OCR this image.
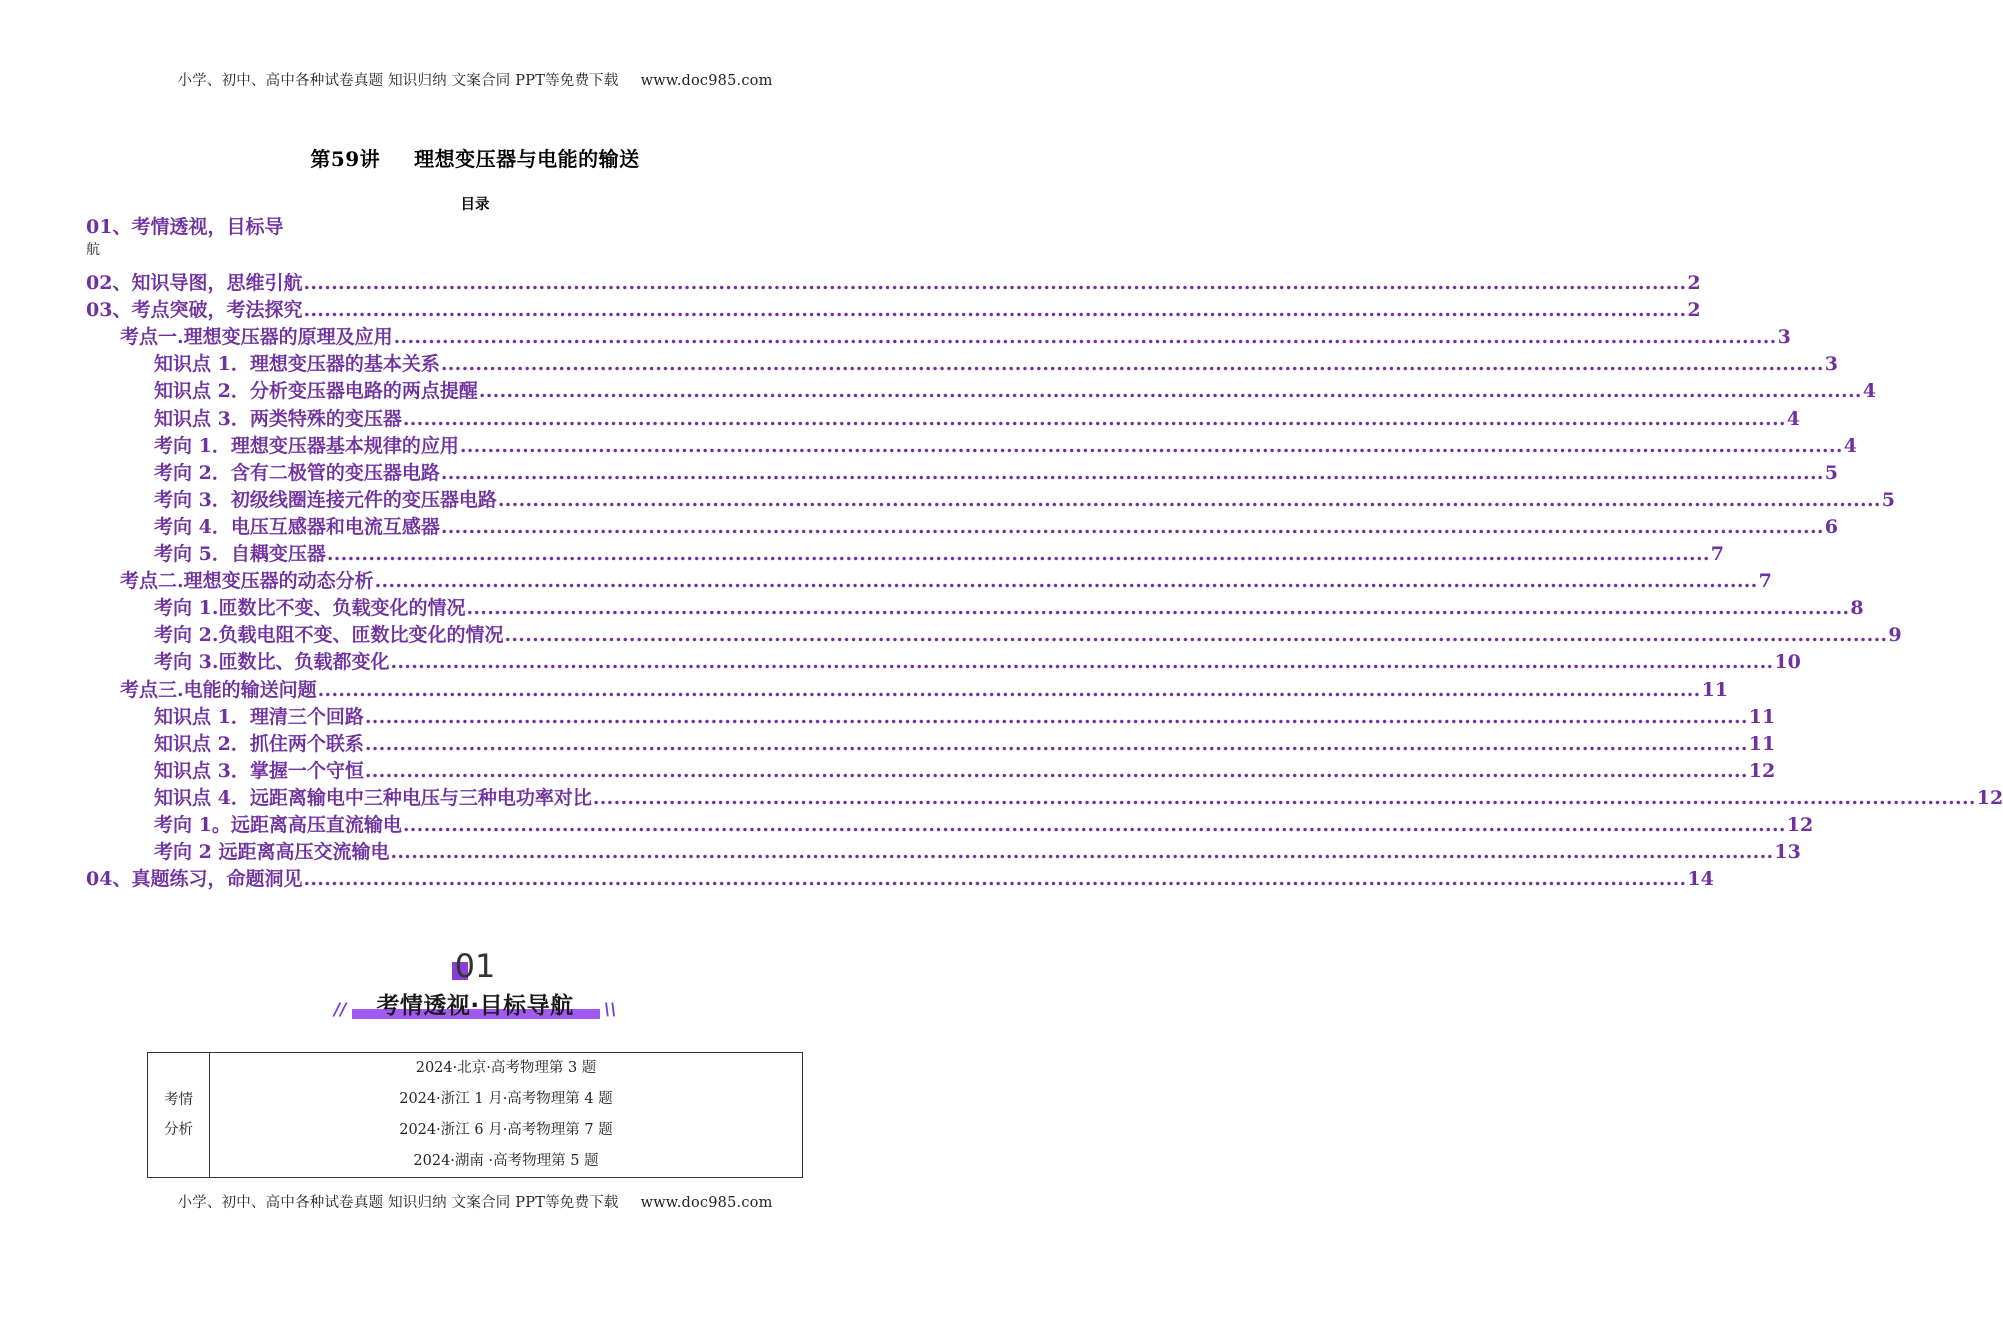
小学、初中、高中各种试卷真题 知识归纳 文案合同 PPT等免费下载 www.doc985.com
第59讲 理想变压器与电能的输送
目录
01、考情透视，目标导
航
02、知识导图，思维引航 ........................................................................................................................................................................................................ 2
03、考点突破，考法探究 ........................................................................................................................................................................................................ 2
考点一.理想变压器的原理及应用 ........................................................................................................................................................................................................ 3
知识点 1．理想变压器的基本关系 ........................................................................................................................................................................................................ 3
知识点 2．分析变压器电路的两点提醒 ........................................................................................................................................................................................................ 4
知识点 3．两类特殊的变压器 ........................................................................................................................................................................................................ 4
考向 1．理想变压器基本规律的应用 ........................................................................................................................................................................................................ 4
考向 2．含有二极管的变压器电路 ........................................................................................................................................................................................................ 5
考向 3．初级线圈连接元件的变压器电路 ........................................................................................................................................................................................................ 5
考向 4．电压互感器和电流互感器 ........................................................................................................................................................................................................ 6
考向 5．自耦变压器 ........................................................................................................................................................................................................ 7
考点二.理想变压器的动态分析 ........................................................................................................................................................................................................ 7
考向 1.匝数比不变、负载变化的情况 ........................................................................................................................................................................................................ 8
考向 2.负载电阻不变、匝数比变化的情况 ........................................................................................................................................................................................................ 9
考向 3.匝数比、负载都变化 ........................................................................................................................................................................................................ 10
考点三.电能的输送问题 ........................................................................................................................................................................................................ 11
知识点 1．理清三个回路 ........................................................................................................................................................................................................ 11
知识点 2．抓住两个联系 ........................................................................................................................................................................................................ 11
知识点 3．掌握一个守恒 ........................................................................................................................................................................................................ 12
知识点 4．远距离输电中三种电压与三种电功率对比 ........................................................................................................................................................................................................ 12
考向 1。远距离高压直流输电 ........................................................................................................................................................................................................ 12
考向 2 远距离高压交流输电 ........................................................................................................................................................................................................ 13
04、真题练习，命题洞见 ........................................................................................................................................................................................................ 14
01
//	考情透视·目标导航	\\
考情
分析

2024·北京·高考物理第 3 题
2024·浙江 1 月·高考物理第 4 题
2024·浙江 6 月·高考物理第 7 题
2024·湖南 ·高考物理第 5 题
小学、初中、高中各种试卷真题 知识归纳 文案合同 PPT等免费下载 www.doc985.com
